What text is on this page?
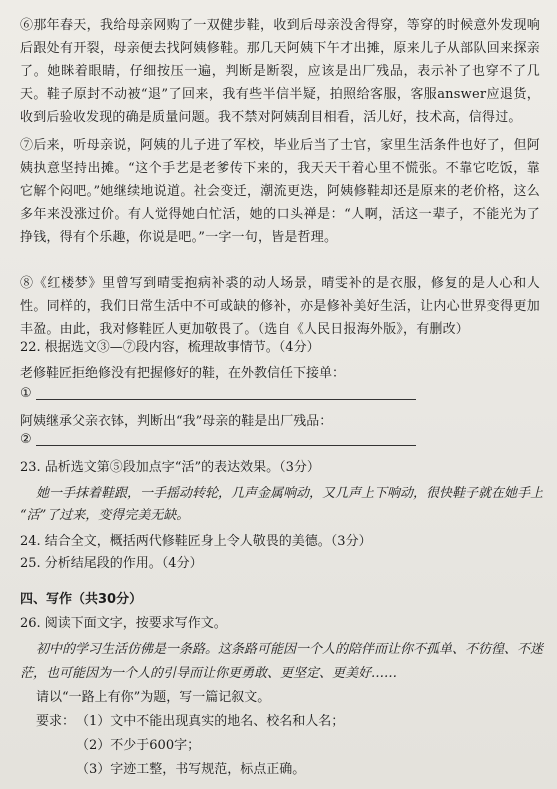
⑥那年春天，我给母亲网购了一双健步鞋，收到后母亲没舍得穿，等穿的时候意外发现响后跟处有开裂，母亲便去找阿姨修鞋。那几天阿姨下午才出摊，原来儿子从部队回来探亲了。她眯着眼睛，仔细按压一遍，判断是断裂，应该是出厂残品，表示补了也穿不了几天。鞋子原封不动被“退”了回来，我有些半信半疑，拍照给客服，客服answer应退货，收到后验收发现的确是质量问题。我不禁对阿姨刮目相看，活儿好，技术高，信得过。
⑦后来，听母亲说，阿姨的儿子进了军校，毕业后当了士官，家里生活条件也好了，但阿姨执意坚持出摊。“这个手艺是老爹传下来的，我天天干着心里不慌张。不靠它吃饭，靠它解个闷吧。”她继续地说道。社会变迁，潮流更迭，阿姨修鞋却还是原来的老价格，这么多年来没涨过价。有人觉得她白忙活，她的口头禅是：“人啊，活这一辈子，不能光为了挣钱，得有个乐趣，你说是吧。”一字一句，皆是哲理。
⑧《红楼梦》里曾写到晴雯抱病补裘的动人场景，晴雯补的是衣服，修复的是人心和人性。同样的，我们日常生活中不可或缺的修补，亦是修补美好生活，让内心世界变得更加丰盈。由此，我对修鞋匠人更加敬畏了。（选自《人民日报海外版》，有删改）
22. 根据选文③—⑦段内容，梳理故事情节。（4分）
老修鞋匠拒绝修没有把握修好的鞋，在外教信任下接单：
①
阿姨继承父亲衣钵，判断出“我”母亲的鞋是出厂残品：
②
23. 品析选文第⑤段加点字“活”的表达效果。（3分）
她一手抹着鞋跟，一手摇动转轮，几声金属响动，又几声上下响动，很快鞋子就在她手上
“活”了过来，变得完美无缺。
24. 结合全文，概括两代修鞋匠身上令人敬畏的美德。（3分）
25. 分析结尾段的作用。（4分）
四、写作（共30分）
26. 阅读下面文字，按要求写作文。
初中的学习生活仿佛是一条路。这条路可能因一个人的陪伴而让你不孤单、不彷徨、不迷
茫，也可能因为一个人的引导而让你更勇敢、更坚定、更美好……
请以“一路上有你”为题，写一篇记叙文。
要求： （1）文中不能出现真实的地名、校名和人名；
（2）不少于600字；
（3）字迹工整，书写规范，标点正确。
